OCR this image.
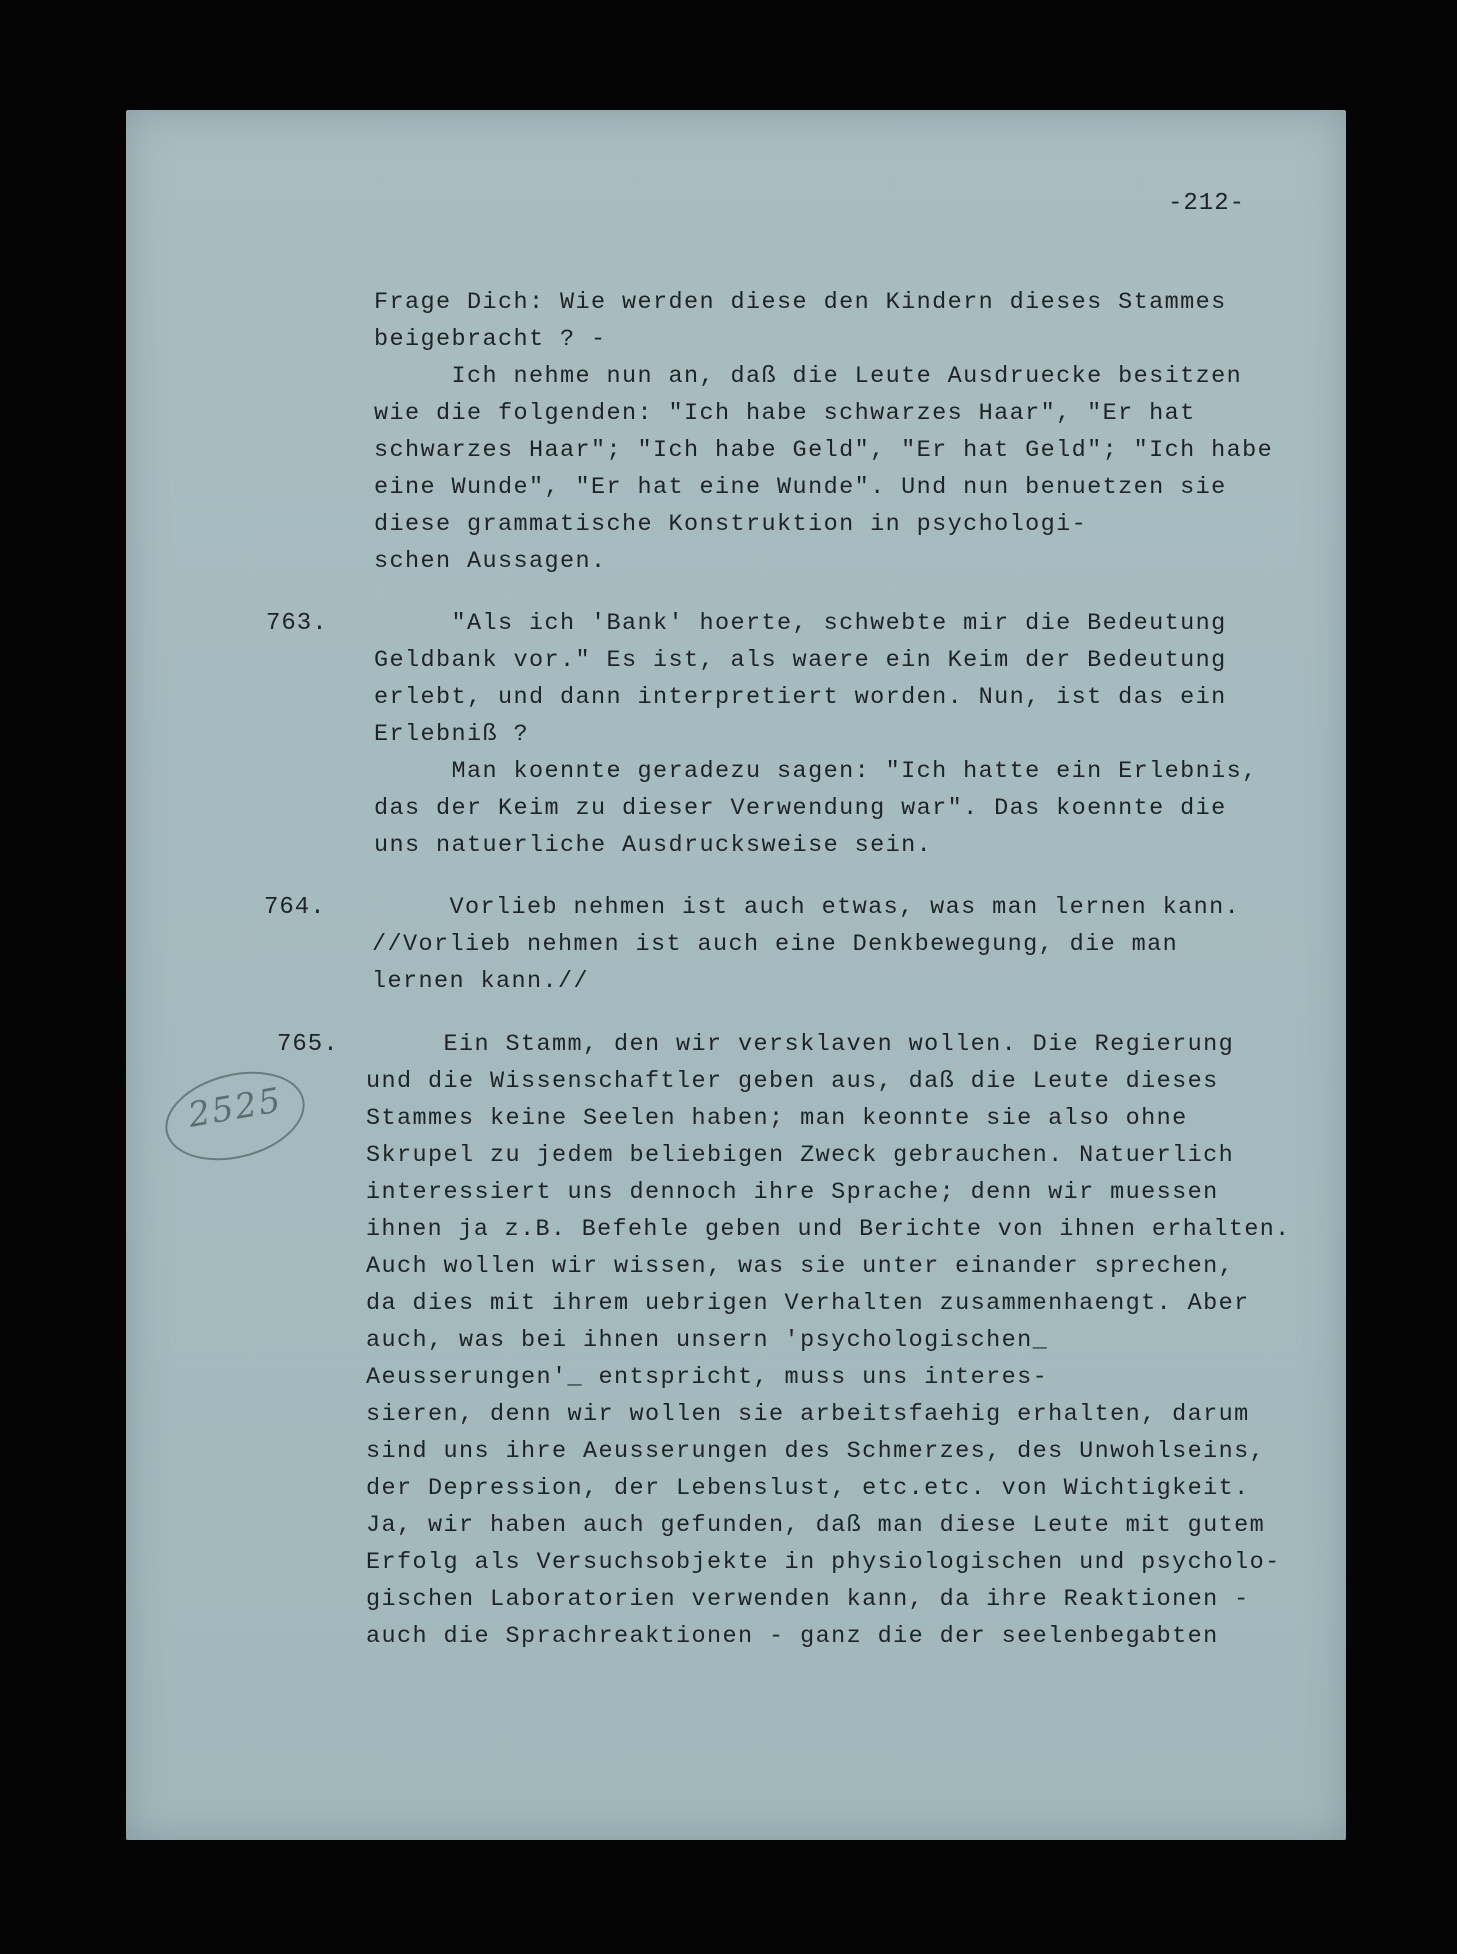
-212-
Frage Dich: Wie werden diese den Kindern dieses Stammes
beigebracht ? -
Ich nehme nun an, daß die Leute Ausdruecke besitzen
wie die folgenden: "Ich habe schwarzes Haar", "Er hat
schwarzes Haar"; "Ich habe Geld", "Er hat Geld"; "Ich habe
eine Wunde", "Er hat eine Wunde". Und nun benuetzen sie
diese grammatische Konstruktion in psychologi-
schen Aussagen.
763. "Als ich 'Bank' hoerte, schwebte mir die Bedeutung
Geldbank vor." Es ist, als waere ein Keim der Bedeutung
erlebt, und dann interpretiert worden. Nun, ist das ein
Erlebniß ?
Man koennte geradezu sagen: "Ich hatte ein Erlebnis,
das der Keim zu dieser Verwendung war". Das koennte die
uns natuerliche Ausdrucksweise sein.
764. Vorlieb nehmen ist auch etwas, was man lernen kann.
//Vorlieb nehmen ist auch eine Denkbewegung, die man
lernen kann.//
765. Ein Stamm, den wir versklaven wollen. Die Regierung
und die Wissenschaftler geben aus, daß die Leute dieses
Stammes keine Seelen haben; man keonnte sie also ohne
Skrupel zu jedem beliebigen Zweck gebrauchen. Natuerlich
interessiert uns dennoch ihre Sprache; denn wir muessen
ihnen ja z.B. Befehle geben und Berichte von ihnen erhalten.
Auch wollen wir wissen, was sie unter einander sprechen,
da dies mit ihrem uebrigen Verhalten zusammenhaengt. Aber
auch, was bei ihnen unsern 'psychologischen_
Aeusserungen'_ entspricht, muss uns interes-
sieren, denn wir wollen sie arbeitsfaehig erhalten, darum
sind uns ihre Aeusserungen des Schmerzes, des Unwohlseins,
der Depression, der Lebenslust, etc.etc. von Wichtigkeit.
Ja, wir haben auch gefunden, daß man diese Leute mit gutem
Erfolg als Versuchsobjekte in physiologischen und psycholo-
gischen Laboratorien verwenden kann, da ihre Reaktionen -
auch die Sprachreaktionen - ganz die der seelenbegabten
2525
